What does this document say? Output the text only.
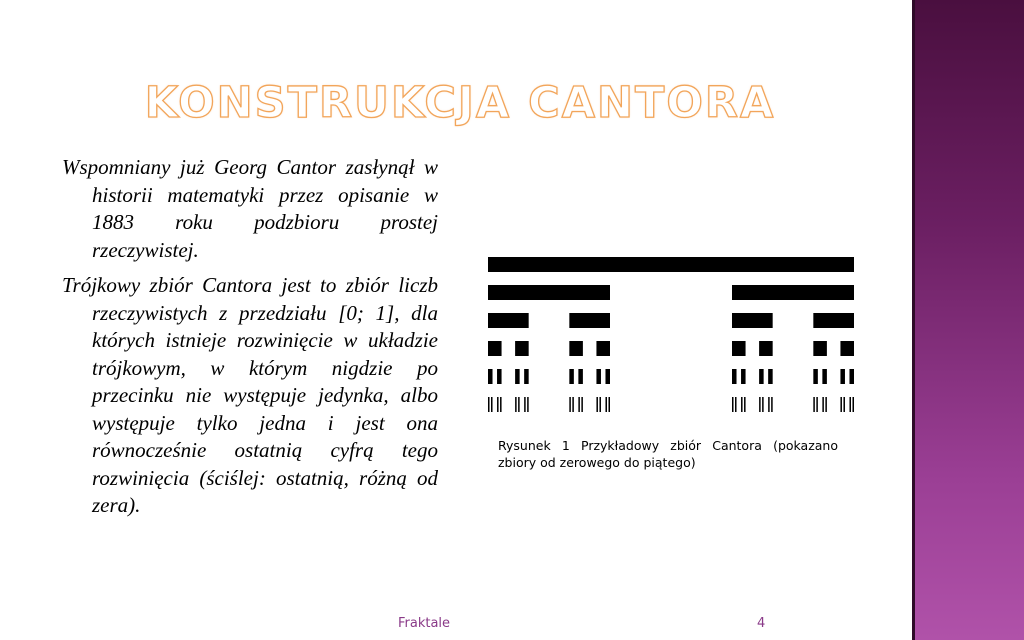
KONSTRUKCJA CANTORA

Wspomniany już Georg Cantor zasłynął w historii matematyki przez opisanie w 1883 roku podzbioru prostej rzeczywistej.

Trójkowy zbiór Cantora jest to zbiór liczb rzeczywistych z przedziału [0; 1], dla których istnieje rozwinięcie w układzie trójkowym, w którym nigdzie po przecinku nie występuje jedynka, albo występuje tylko jedna i jest ona równocześnie ostatnią cyfrą tego rozwinięcia (ściślej: ostatnią, różną od zera).

Rysunek 1 Przykładowy zbiór Cantora (pokazano zbiory od zerowego do piątego)
Fraktale	4
